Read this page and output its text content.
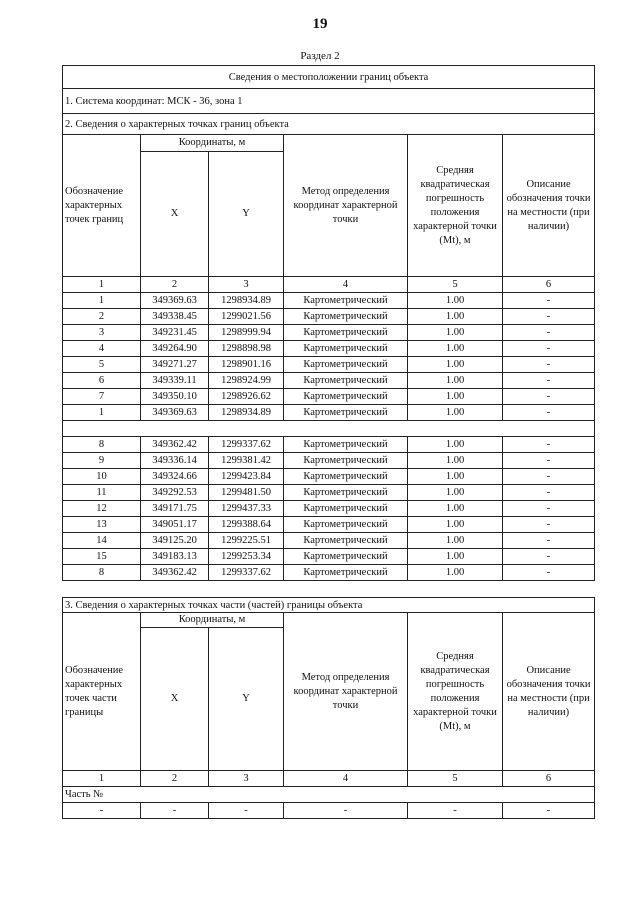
19
Раздел 2
Сведения о местоположении границ объекта					
1. Система координат: МСК - 36, зона 1					
2. Сведения о характерных точках границ объекта					
Обозначение характерных точек границ	Координаты, м		Метод определения координат характерной точки	Средняя квадратическая погрешность положения характерной точки (Mt), м	Описание обозначения точки на местности (при наличии)
	X	Y			
1	2	3	4	5	6
1	349369.63	1298934.89	Картометрический	1.00	-
2	349338.45	1299021.56	Картометрический	1.00	-
3	349231.45	1298999.94	Картометрический	1.00	-
4	349264.90	1298898.98	Картометрический	1.00	-
5	349271.27	1298901.16	Картометрический	1.00	-
6	349339.11	1298924.99	Картометрический	1.00	-
7	349350.10	1298926.62	Картометрический	1.00	-
1	349369.63	1298934.89	Картометрический	1.00	-

8	349362.42	1299337.62	Картометрический	1.00	-
9	349336.14	1299381.42	Картометрический	1.00	-
10	349324.66	1299423.84	Картометрический	1.00	-
11	349292.53	1299481.50	Картометрический	1.00	-
12	349171.75	1299437.33	Картометрический	1.00	-
13	349051.17	1299388.64	Картометрический	1.00	-
14	349125.20	1299225.51	Картометрический	1.00	-
15	349183.13	1299253.34	Картометрический	1.00	-
8	349362.42	1299337.62	Картометрический	1.00	-
3. Сведения о характерных точках части (частей) границы объекта					
Обозначение характерных точек части границы	Координаты, м		Метод определения координат характерной точки	Средняя квадратическая погрешность положения характерной точки (Mt), м	Описание обозначения точки на местности (при наличии)
	X	Y			
1	2	3	4	5	6
Часть №					
-	-	-	-	-	-
